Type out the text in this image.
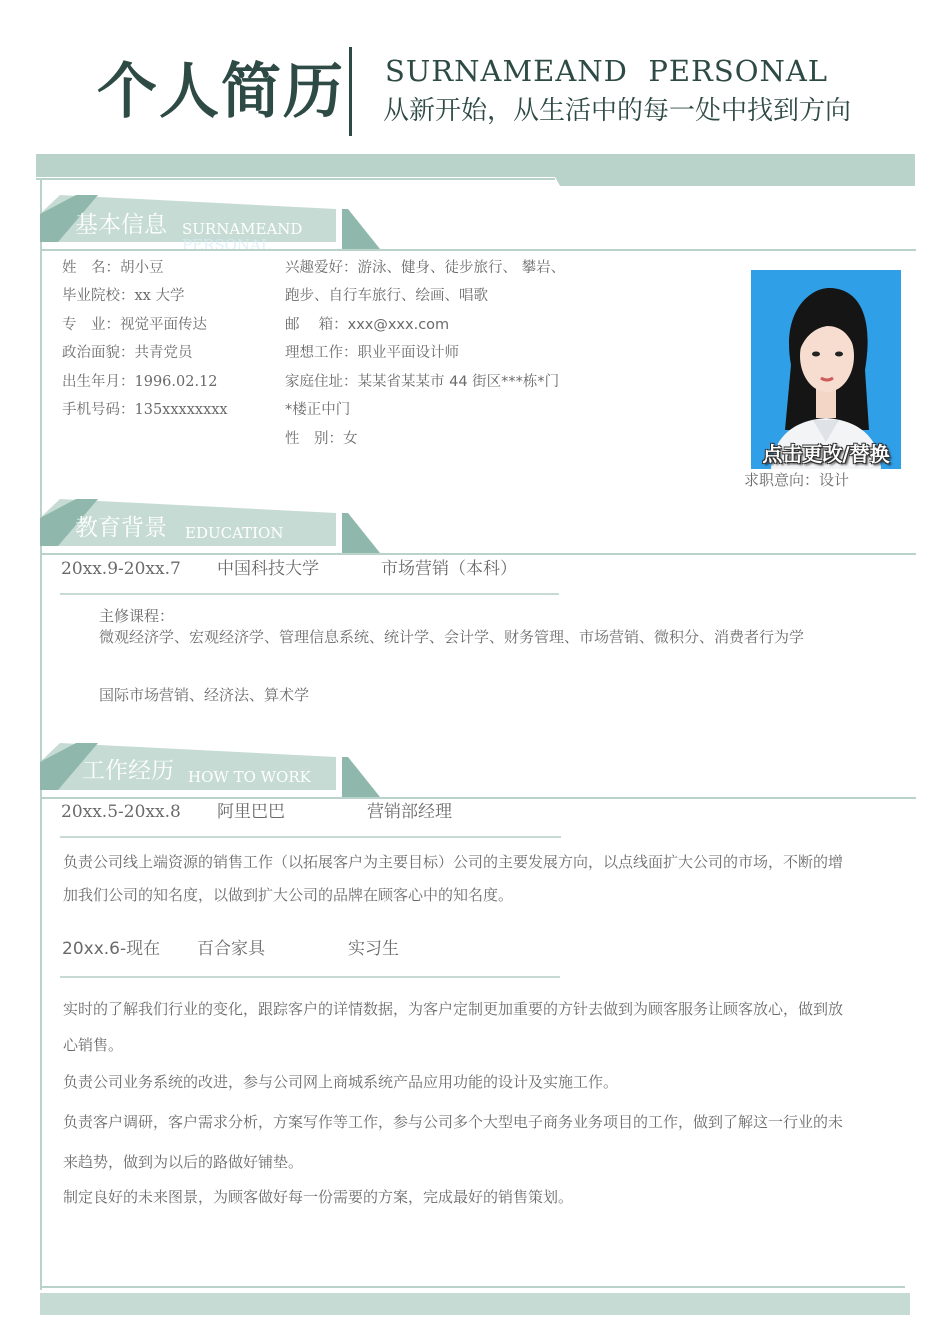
个人简历 SURNAMEAND  PERSONAL
从新开始，从生活中的每一处中找到方向
基本信息 SURNAMEAND
PERSONAL
姓　名：胡小豆
毕业院校：xx 大学
专　业：视觉平面传达
政治面貌：共青党员
出生年月：1996.02.12
手机号码：135xxxxxxxx
兴趣爱好：游泳、健身、徒步旅行、 攀岩、
跑步、自行车旅行、绘画、唱歌
邮　 箱：xxx@xxx.com
理想工作：职业平面设计师
家庭住址：某某省某某市 44 街区***栋*门
*楼正中门
性　别：女
点击更改/替换
求职意向：设计
教育背景 EDUCATION
20xx.9-20xx.7 中国科技大学	市场营销（本科）
主修课程：
微观经济学、宏观经济学、管理信息系统、统计学、会计学、财务管理、市场营销、微积分、消费者行为学
国际市场营销、经济法、算术学
工作经历 HOW TO WORK
20xx.5-20xx.8 阿里巴巴	营销部经理
负责公司线上端资源的销售工作（以拓展客户为主要目标）公司的主要发展方向，以点线面扩大公司的市场，不断的增
加我们公司的知名度，以做到扩大公司的品牌在顾客心中的知名度。
20xx.6-现在 百合家具	实习生
实时的了解我们行业的变化，跟踪客户的详情数据，为客户定制更加重要的方针去做到为顾客服务让顾客放心，做到放
心销售。
负责公司业务系统的改进，参与公司网上商城系统产品应用功能的设计及实施工作。
负责客户调研，客户需求分析，方案写作等工作，参与公司多个大型电子商务业务项目的工作，做到了解这一行业的未
来趋势，做到为以后的路做好铺垫。
制定良好的未来图景，为顾客做好每一份需要的方案，完成最好的销售策划。
